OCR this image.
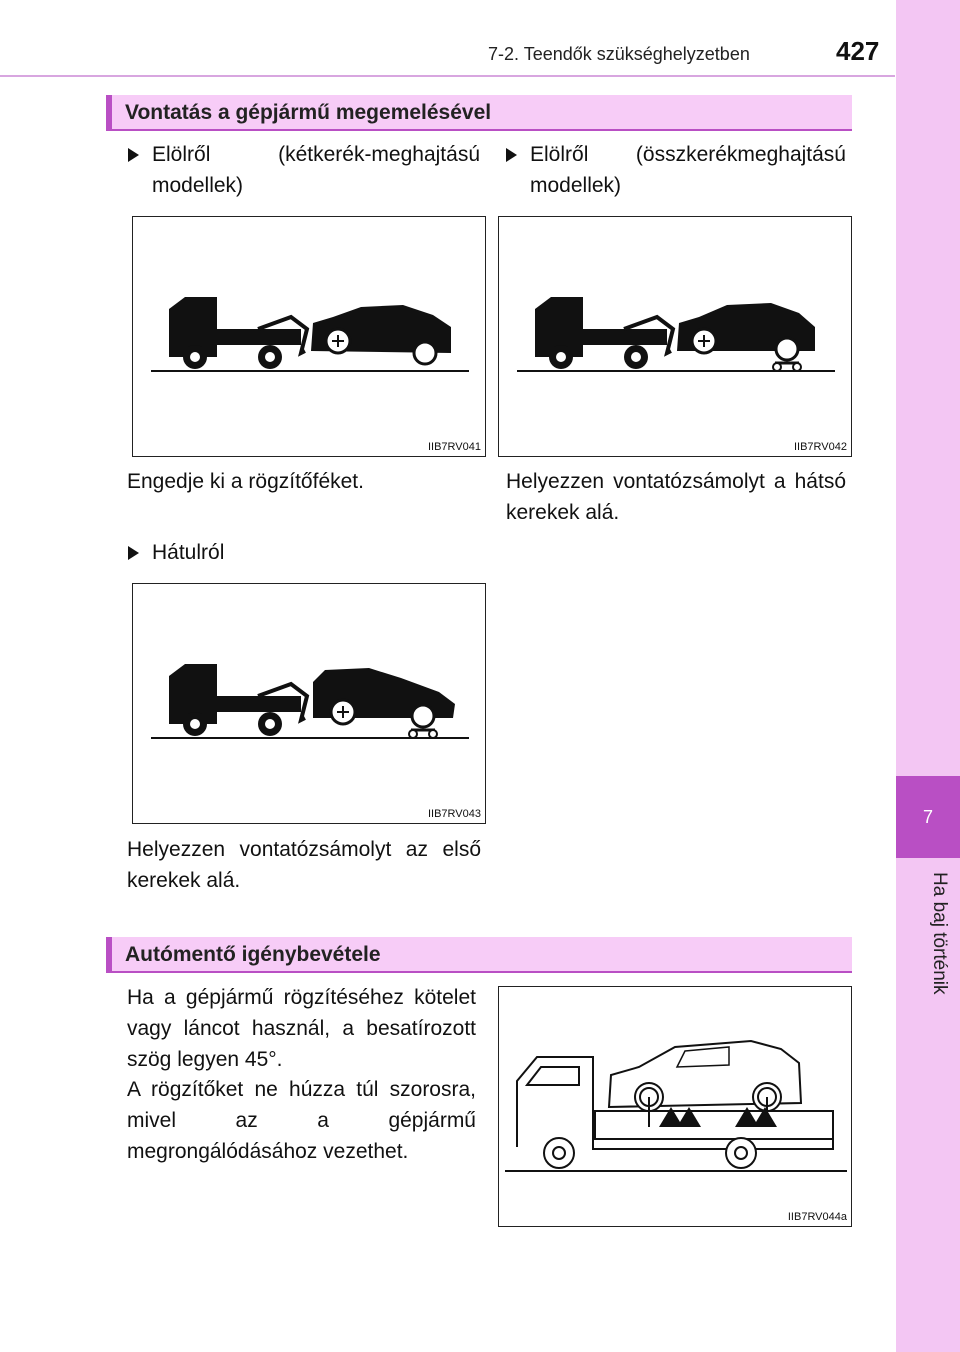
7-2. Teendők szükséghelyzetben	427
7
Ha baj történik
Vontatás a gépjármű megemelésével
Elölről (kétkerék-meghajtású modellek)
Elölről (összkerékmeghajtású modellek)
IIB7RV041	IIB7RV042
Engedje ki a rögzítőféket.	Helyezzen vontatózsámolyt a hátsó kerekek alá.
Hátulról
IIB7RV043
Helyezzen vontatózsámolyt az első kerekek alá.
Autómentő igénybevétele
Ha a gépjármű rögzítéséhez kötelet vagy láncot használ, a besatírozott szög legyen 45°.
A rögzítőket ne húzza túl szorosra, mivel az a gépjármű megrongálódásához vezethet.
IIB7RV044a
